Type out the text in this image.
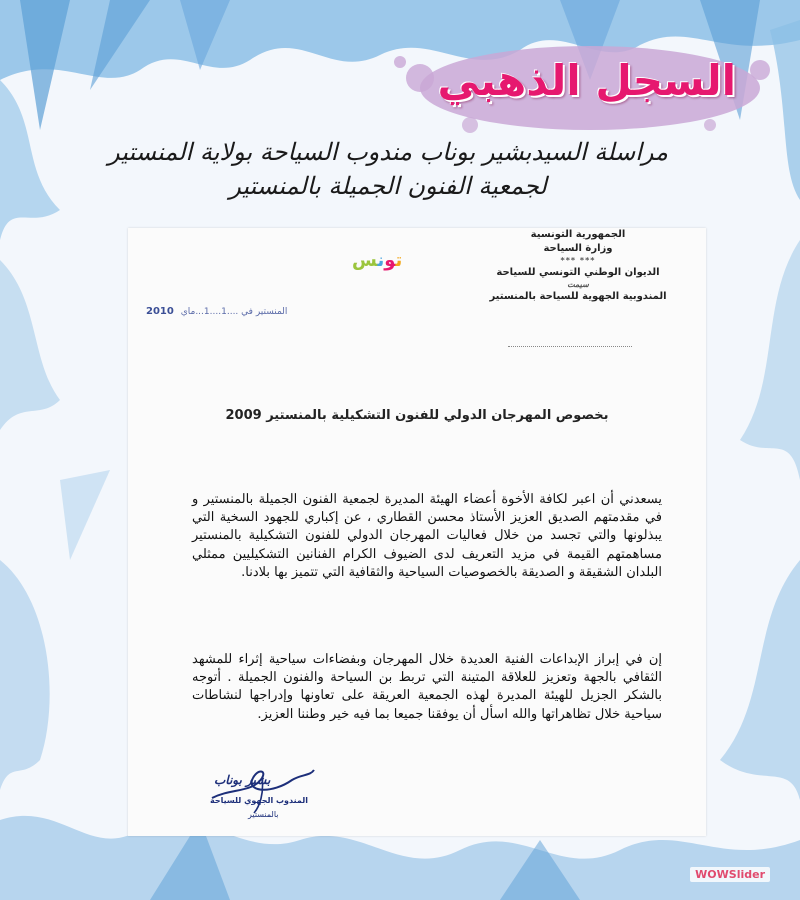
السجل الذهبي
مراسلة السيدبشير بوناب مندوب السياحة بولاية المنستير
لجمعية الفنون الجميلة بالمنستير
الجمهورية التونسية
وزارة السياحة
*** ***
الديوان الوطني التونسي للسياحة
ﺳﯿﻤﺖ
المندوبية الجهوية للسياحة بالمنستير
تونس
المنستير في ....1....1...ماي 2010
بخصوص المهرجان الدولي للفنون التشكيلية بالمنستير 2009

يسعدني أن اعبر لكافة الأخوة أعضاء الهيئة المديرة لجمعية الفنون الجميلة بالمنستير و في مقدمتهم الصديق العزيز الأستاذ محسن القطاري ، عن إكباري للجهود السخية التي يبذلونها والتي تجسد من خلال فعاليات المهرجان الدولي للفنون التشكيلية بالمنستير مساهمتهم القيمة في مزيد التعريف لدى الضيوف الكرام الفنانين التشكيليين ممثلي البلدان الشقيقة و الصديقة بالخصوصيات السياحية والثقافية التي تتميز بها بلادنا.

إن في إبراز الإبداعات الفنية العديدة خلال المهرجان وبفضاءات سياحية إثراء للمشهد الثقافي بالجهة وتعزيز للعلاقة المتينة التي تربط بن السياحة والفنون الجميلة . أتوجه بالشكر الجزيل للهيئة المديرة لهذه الجمعية العريقة على تعاونها وإدراجها لنشاطات سياحية خلال تظاهراتها والله اسأل أن يوفقنا جميعا بما فيه خير وطننا العزيز.

بشير بوناب
المندوب الجهوي للسياحة
بالمنستير
WOWSlider
